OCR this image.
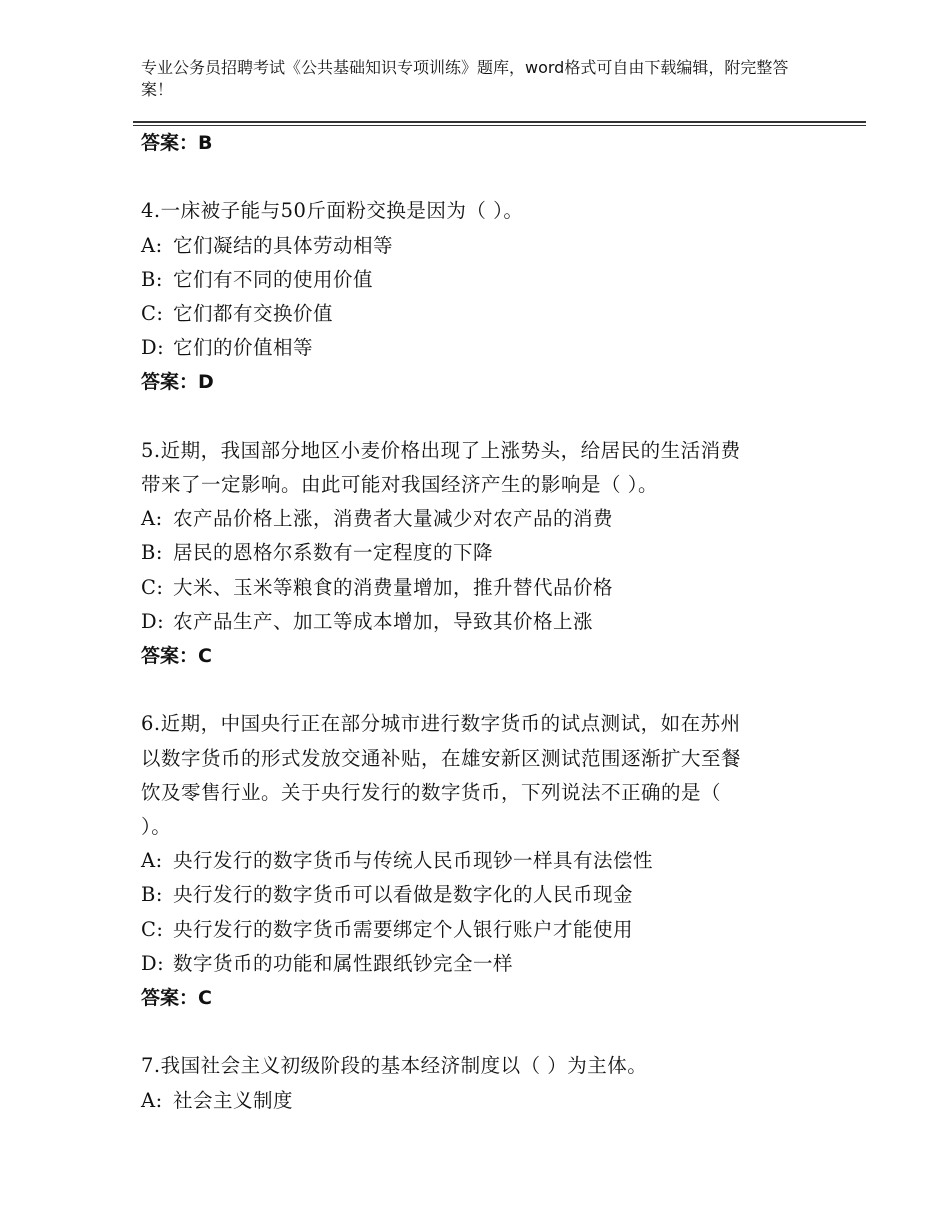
专业公务员招聘考试《公共基础知识专项训练》题库，word格式可自由下载编辑，附完整答案！
答案：B
4.一床被子能与50斤面粉交换是因为（ ）。
A: 它们凝结的具体劳动相等
B: 它们有不同的使用价值
C: 它们都有交换价值
D: 它们的价值相等
答案：D
5.近期，我国部分地区小麦价格出现了上涨势头，给居民的生活消费
带来了一定影响。由此可能对我国经济产生的影响是（ ）。
A: 农产品价格上涨，消费者大量减少对农产品的消费
B: 居民的恩格尔系数有一定程度的下降
C: 大米、玉米等粮食的消费量增加，推升替代品价格
D: 农产品生产、加工等成本增加，导致其价格上涨
答案：C
6.近期，中国央行正在部分城市进行数字货币的试点测试，如在苏州
以数字货币的形式发放交通补贴，在雄安新区测试范围逐渐扩大至餐
饮及零售行业。关于央行发行的数字货币，下列说法不正确的是（
）。
A: 央行发行的数字货币与传统人民币现钞一样具有法偿性
B: 央行发行的数字货币可以看做是数字化的人民币现金
C: 央行发行的数字货币需要绑定个人银行账户才能使用
D: 数字货币的功能和属性跟纸钞完全一样
答案：C
7.我国社会主义初级阶段的基本经济制度以（ ）为主体。
A: 社会主义制度
